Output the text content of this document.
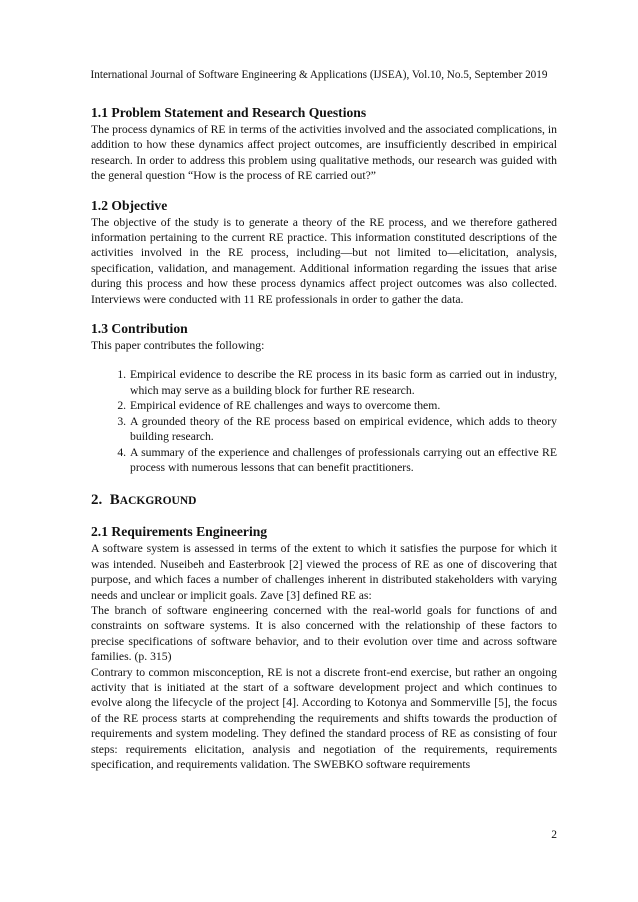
International Journal of Software Engineering & Applications (IJSEA), Vol.10, No.5, September 2019
1.1 Problem Statement and Research Questions

The process dynamics of RE in terms of the activities involved and the associated complications, in addition to how these dynamics affect project outcomes, are insufficiently described in empirical research. In order to address this problem using qualitative methods, our research was guided with the general question “How is the process of RE carried out?”

1.2 Objective

The objective of the study is to generate a theory of the RE process, and we therefore gathered information pertaining to the current RE practice. This information constituted descriptions of the activities involved in the RE process, including—but not limited to—elicitation, analysis, specification, validation, and management. Additional information regarding the issues that arise during this process and how these process dynamics affect project outcomes was also collected. Interviews were conducted with 11 RE professionals in order to gather the data.

1.3 Contribution

This paper contributes the following:

1. Empirical evidence to describe the RE process in its basic form as carried out in industry, which may serve as a building block for further RE research.
2. Empirical evidence of RE challenges and ways to overcome them.
3. A grounded theory of the RE process based on empirical evidence, which adds to theory building research.
4. A summary of the experience and challenges of professionals carrying out an effective RE process with numerous lessons that can benefit practitioners.
2. BACKGROUND
2.1 Requirements Engineering

A software system is assessed in terms of the extent to which it satisfies the purpose for which it was intended. Nuseibeh and Easterbrook [2] viewed the process of RE as one of discovering that purpose, and which faces a number of challenges inherent in distributed stakeholders with varying needs and unclear or implicit goals. Zave [3] defined RE as:

The branch of software engineering concerned with the real-world goals for functions of and constraints on software systems. It is also concerned with the relationship of these factors to precise specifications of software behavior, and to their evolution over time and across software families. (p. 315)

Contrary to common misconception, RE is not a discrete front-end exercise, but rather an ongoing activity that is initiated at the start of a software development project and which continues to evolve along the lifecycle of the project [4]. According to Kotonya and Sommerville [5], the focus of the RE process starts at comprehending the requirements and shifts towards the production of requirements and system modeling. They defined the standard process of RE as consisting of four steps: requirements elicitation, analysis and negotiation of the requirements, requirements specification, and requirements validation. The SWEBKO software requirements

2
